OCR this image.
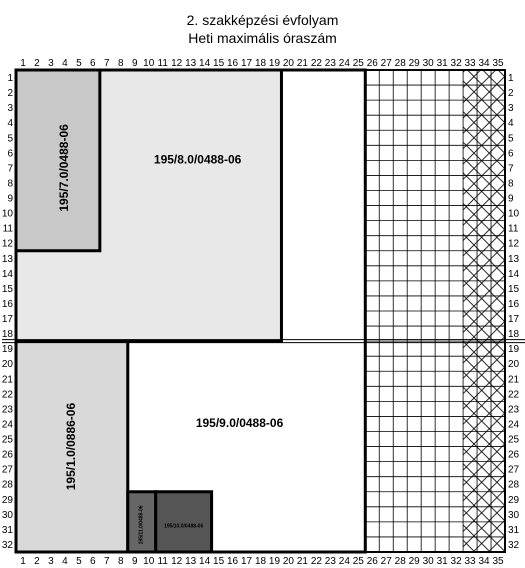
2. szakképzési évfolyam
Heti maximális óraszám
195/7.0/0488-06	195/8.0/0488-06
195/1.0/0886-06	195/9.0/0488-06
195/11.0/0488-06	195/10.0/0488-06
1
1
2
2
3
3
4
4
5
5
6
6
7
7
8
8
9
9
10
10
11
11
12
12
13
13
14
14
15
15
16
16
17
17
18
18
19
19
20
20
21
21
22
22
23
23
24
24
25
25
26
26
27
27
28
28
29
29
30
30
31
31
32
32
33
33
34
34
35
35
1	1
2	2
3	3
4	4
5	5
6	6
7	7
8	8
9	9
10	10
11	11
12	12
13	13
14	14
15	15
16	16
17	17
18	18
19	19
20	20
21	21
22	22
23	23
24	24
25	25
26	26
27	27
28	28
29	29
30	30
31	31
32	32
